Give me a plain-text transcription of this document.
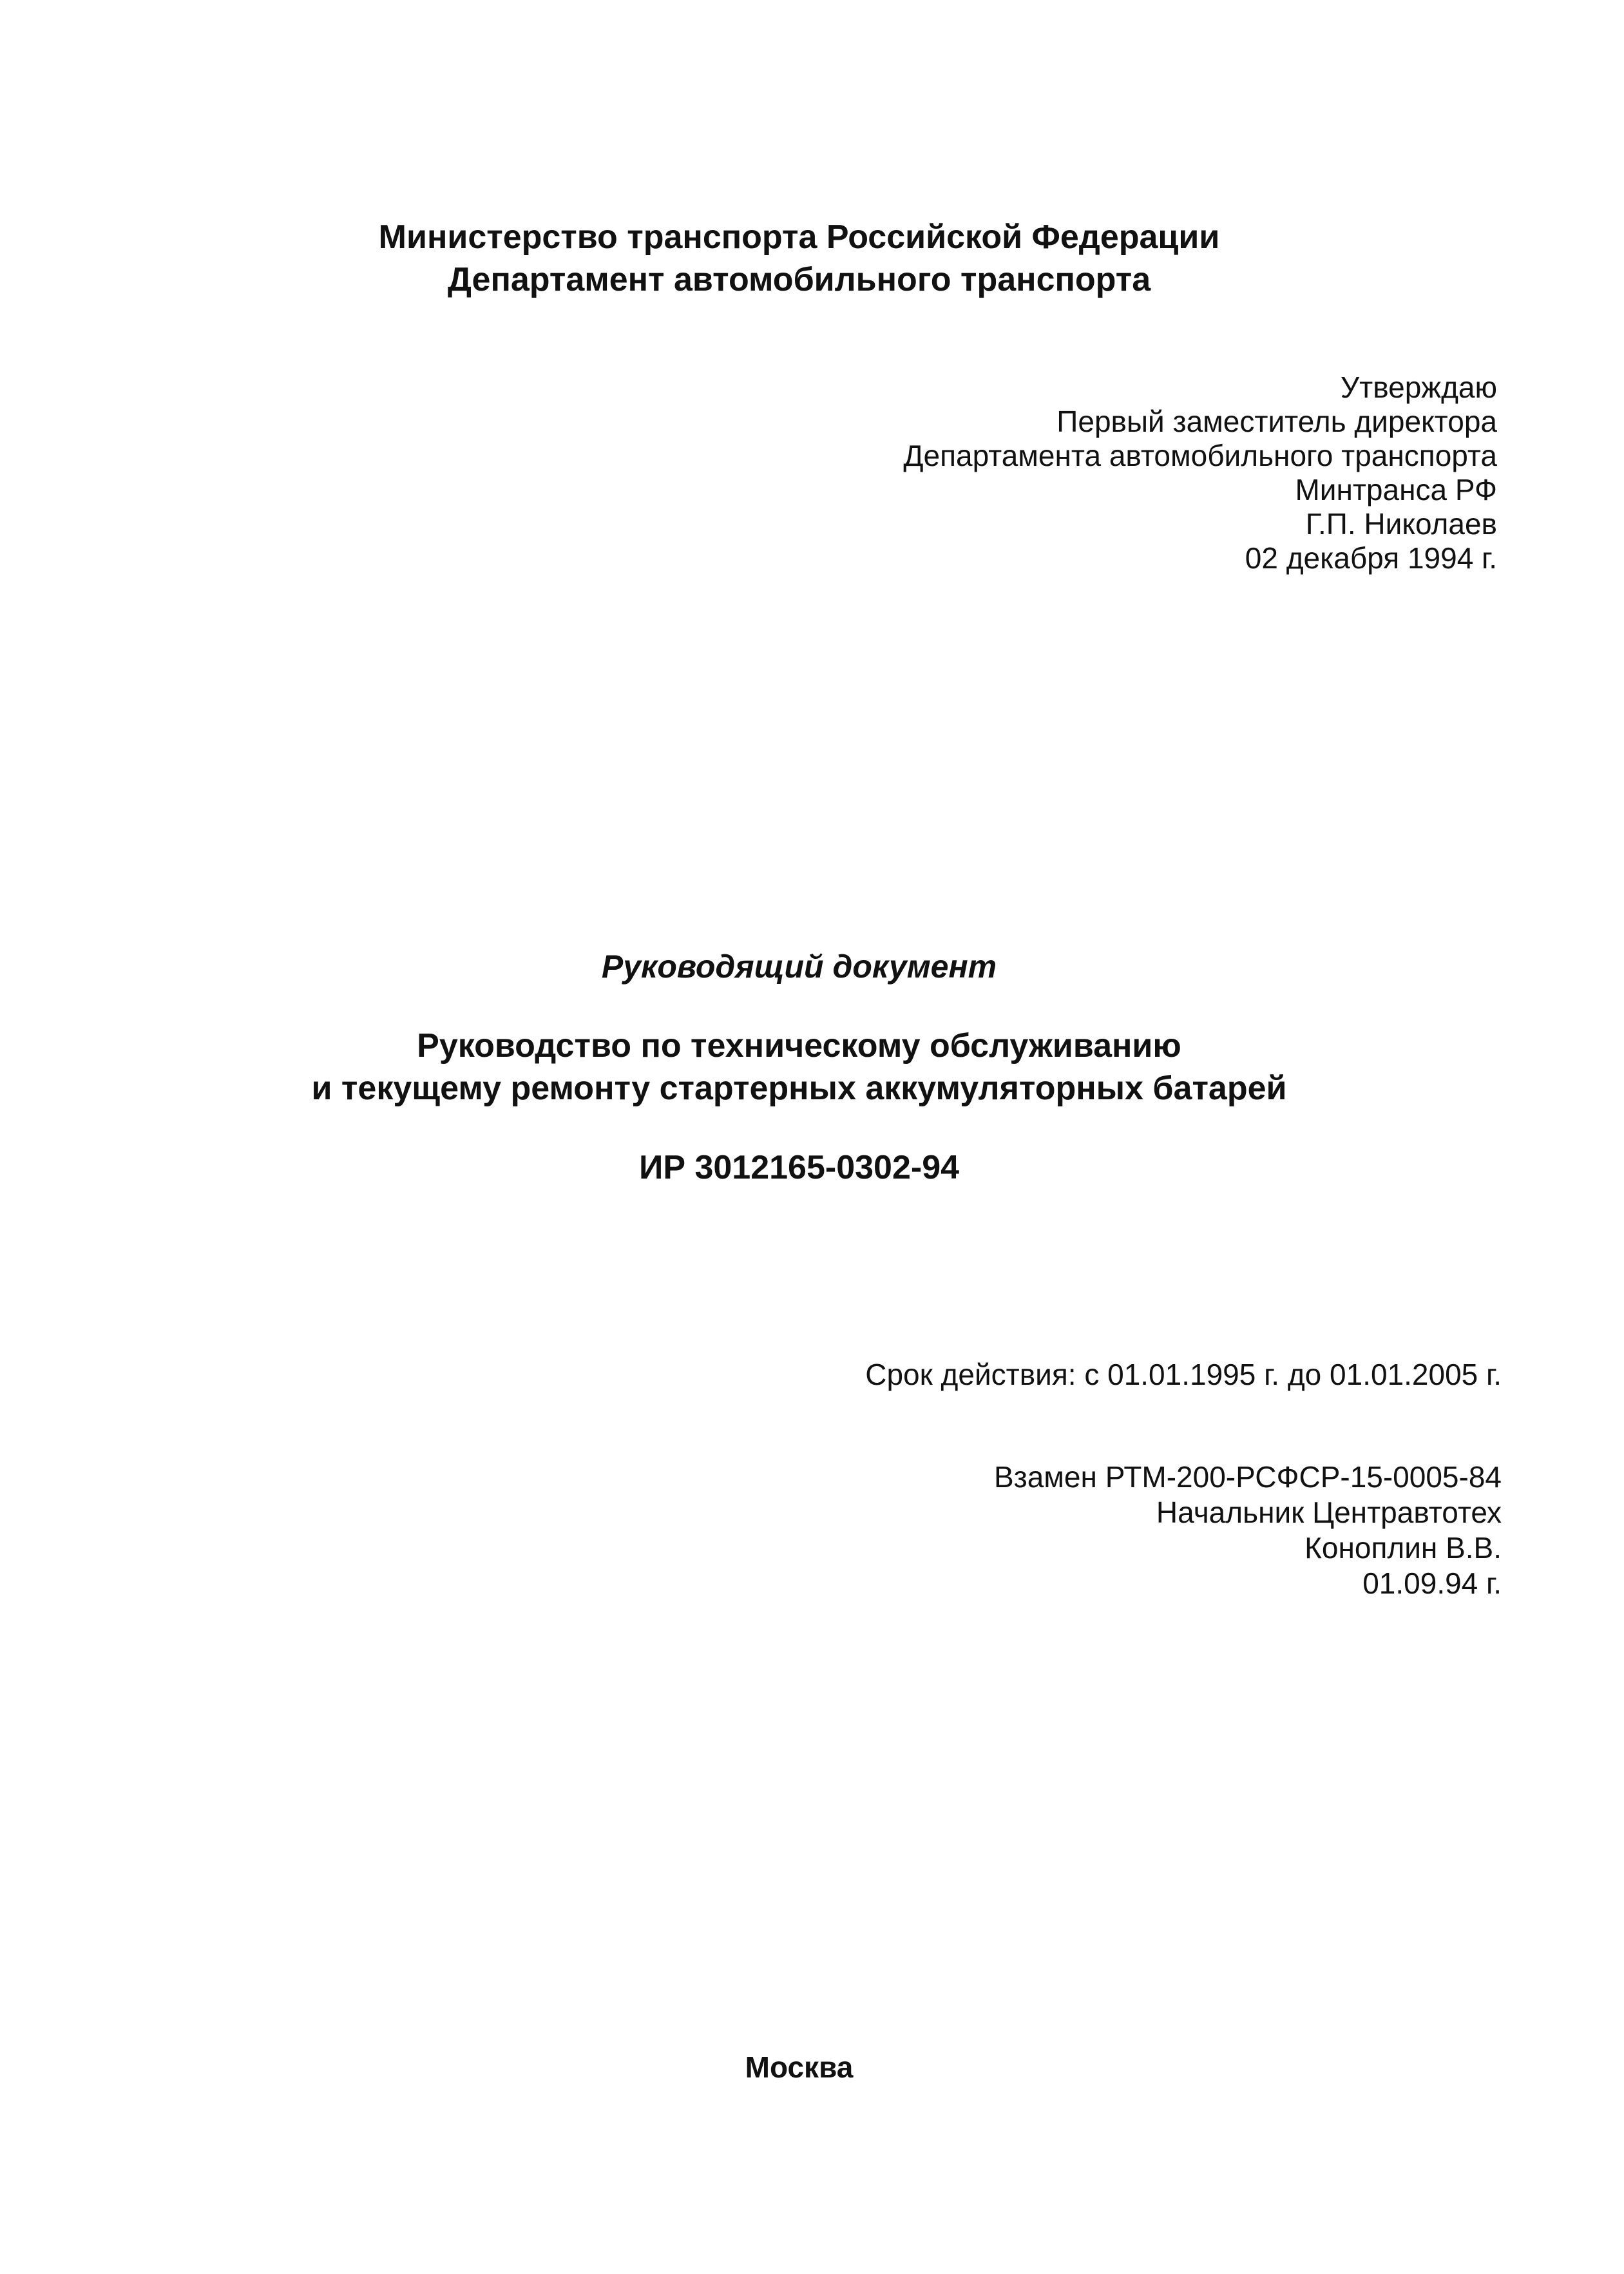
Министерство транспорта Российской Федерации
Департамент автомобильного транспорта
Утверждаю
Первый заместитель директора
Департамента автомобильного транспорта
Минтранса РФ
Г.П. Николаев
02 декабря 1994 г.
Руководящий документ
Руководство по техническому обслуживанию
и текущему ремонту стартерных аккумуляторных батарей
ИР 3012165-0302-94
Срок действия: с 01.01.1995 г. до 01.01.2005 г.
Взамен РТМ-200-РСФСР-15-0005-84
Начальник Центравтотех
Коноплин В.В.
01.09.94 г.
Москва
